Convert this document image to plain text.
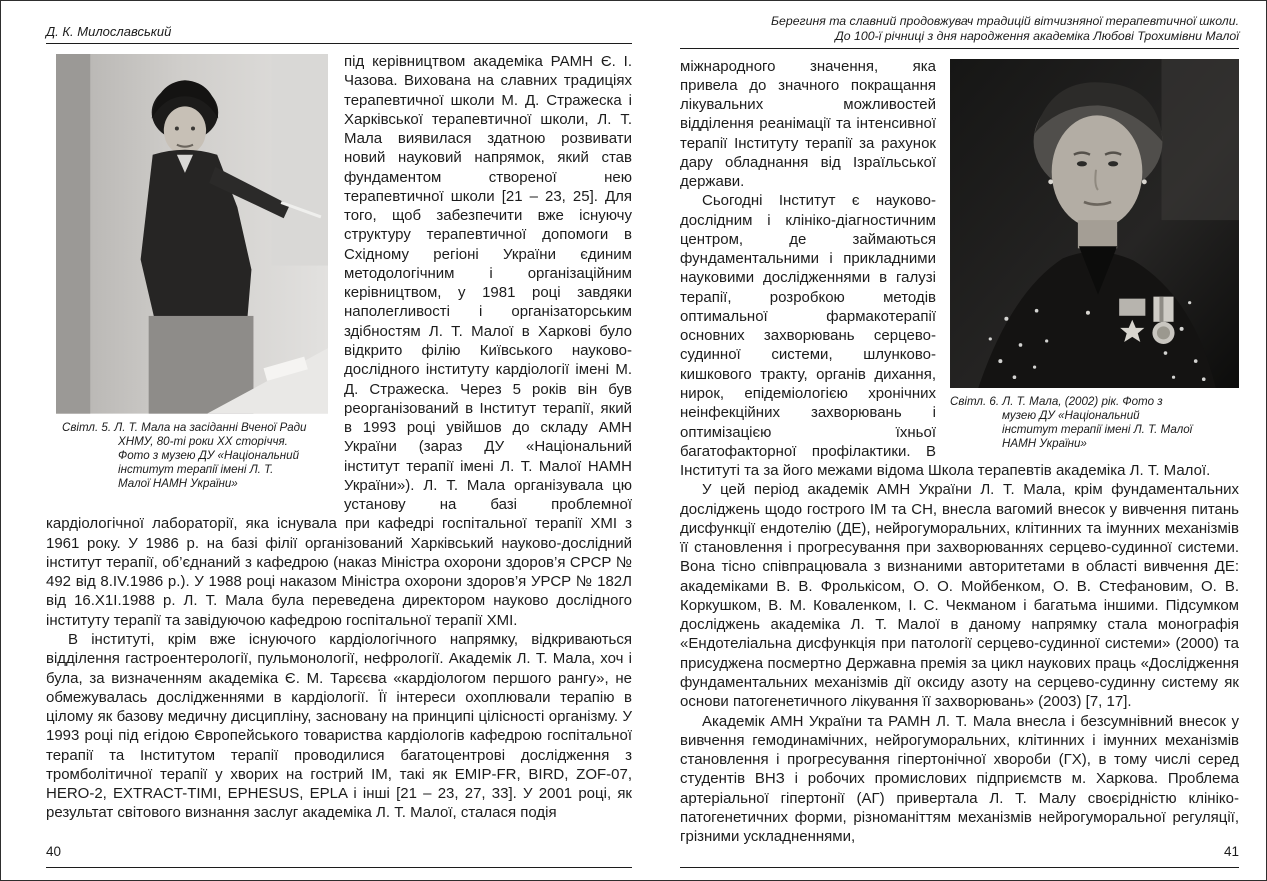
Д. К. Милославський
Світл. 5. Л. Т. Мала на засіданні Вченої Ради ХНМУ, 80-ті роки ХХ сторіччя. Фото з музею ДУ «Національний інститут терапії імені Л. Т. Малої НАМН України»

під керівництвом академіка РАМН Є. І. Чазова. Вихована на славних традиціях терапевтичної школи М. Д. Стражеска і Харківської терапевтичної школи, Л. Т. Мала виявилася здатною розвивати новий науковий напрямок, який став фундаментом створеної нею терапевтичної школи [21 – 23, 25]. Для того, щоб забезпечити вже існуючу структуру терапевтичної допомоги в Східному регіоні України єдиним методологічним і організаційним керівництвом, у 1981 році завдяки наполегливості і організаторським здібностям Л. Т. Малої в Харкові було відкрито філію Київського науково-дослідного інституту кардіології імені М. Д. Стражеска. Через 5 років він був реорганізований в Інститут терапії, який в 1993 році увійшов до складу АМН України (зараз ДУ «Національний інститут терапії імені Л. Т. Малої НАМН України»). Л. Т. Мала організувала цю установу на базі проблемної кардіологічної лабораторії, яка існувала при кафедрі госпітальної терапії ХМІ з 1961 року. У 1986 р. на базі філії організований Харківський науково-дослідний інститут терапії, об’єднаний з кафедрою (наказ Міністра охорони здоров’я СРСР № 492 від 8.IV.1986 р.). У 1988 році наказом Міністра охорони здоров’я УРСР № 182Л від 16.Х1І.1988 р. Л. Т. Мала була переведена директором науково дослідного інституту терапії та завідуючою кафедрою госпітальної терапії ХМІ.

В інституті, крім вже існуючого кардіологічного напрямку, відкриваються відділення гастроентерології, пульмонології, нефрології. Академік Л. Т. Мала, хоч і була, за визначенням академіка Є. М. Тарєєва «кардіологом першого рангу», не обмежувалась дослідженнями в кардіології. Її інтереси охоплювали терапію в цілому як базову медичну дисципліну, засновану на принципі цілісності організму. У 1993 році під егідою Європейського товариства кардіологів кафедрою госпітальної терапії та Інститутом терапії проводилися багатоцентрові дослідження з тромболітичної терапії у хворих на гострий ІМ, такі як EMIP-FR, BIRD, ZOF-07, HERO-2, EXTRACT-TIMI, EPHESUS, EPLA і інші [21 – 23, 27, 33]. У 2001 році, як результат світового визнання заслуг академіка Л. Т. Малої, сталася подія

40
Берегиня та славний продовжувач традицій вітчизняної терапевтичної школи.
До 100-ї річниці з дня народження академіка Любові Трохимівни Малої
Світл. 6. Л. Т. Мала, (2002) рік. Фото з музею ДУ «Національний інститут терапії імені Л. Т. Малої НАМН України»

міжнародного значення, яка привела до значного покращання лікувальних можливостей відділення реанімації та інтенсивної терапії Інституту терапії за рахунок дару обладнання від Ізраїльської держави.

Сьогодні Інститут є науково-дослідним і клініко-діагностичним центром, де займаються фундаментальними і прикладними науковими дослідженнями в галузі терапії, розробкою методів оптимальної фармакотерапії основних захворювань серцево-судинної системи, шлунково-кишкового тракту, органів дихання, нирок, епідеміологією хронічних неінфекційних захворювань і оптимізацією їхньої багатофакторної профілактики. В Інституті та за його межами відома Школа терапевтів академіка Л. Т. Малої.

У цей період академік АМН України Л. Т. Мала, крім фундаментальних досліджень щодо гострого ІМ та СН, внесла вагомий внесок у вивчення питань дисфункції ендотелію (ДЕ), нейрогуморальних, клітинних та імунних механізмів її становлення і прогресування при захворюваннях серцево-судинної системи. Вона тісно співпрацювала з визнаними авторитетами в області вивчення ДЕ: академіками В. В. Фролькісом, О. О. Мойбенком, О. В. Стефановим, О. В. Коркушком, В. М. Коваленком, І. С. Чекманом і багатьма іншими. Підсумком досліджень академіка Л. Т. Малої в даному напрямку стала монографія «Ендотеліальна дисфункція при патології серцево-судинної системи» (2000) та присуджена посмертно Державна премія за цикл наукових праць «Дослідження фундаментальних механізмів дії оксиду азоту на серцево-судинну систему як основи патогенетичного лікування її захворювань» (2003) [7, 17].

Академік АМН України та РАМН Л. Т. Мала внесла і безсумнівний внесок у вивчення гемодинамічних, нейрогуморальних, клітинних і імунних механізмів становлення і прогресування гіпертонічної хвороби (ГХ), в тому числі серед студентів ВНЗ і робочих промислових підприємств м. Харкова. Проблема артеріальної гіпертонії (АГ) привертала Л. Т. Малу своєрідністю клініко-патогенетичних форми, різноманіттям механізмів нейрогуморальної регуляції, грізними ускладненнями,

41
